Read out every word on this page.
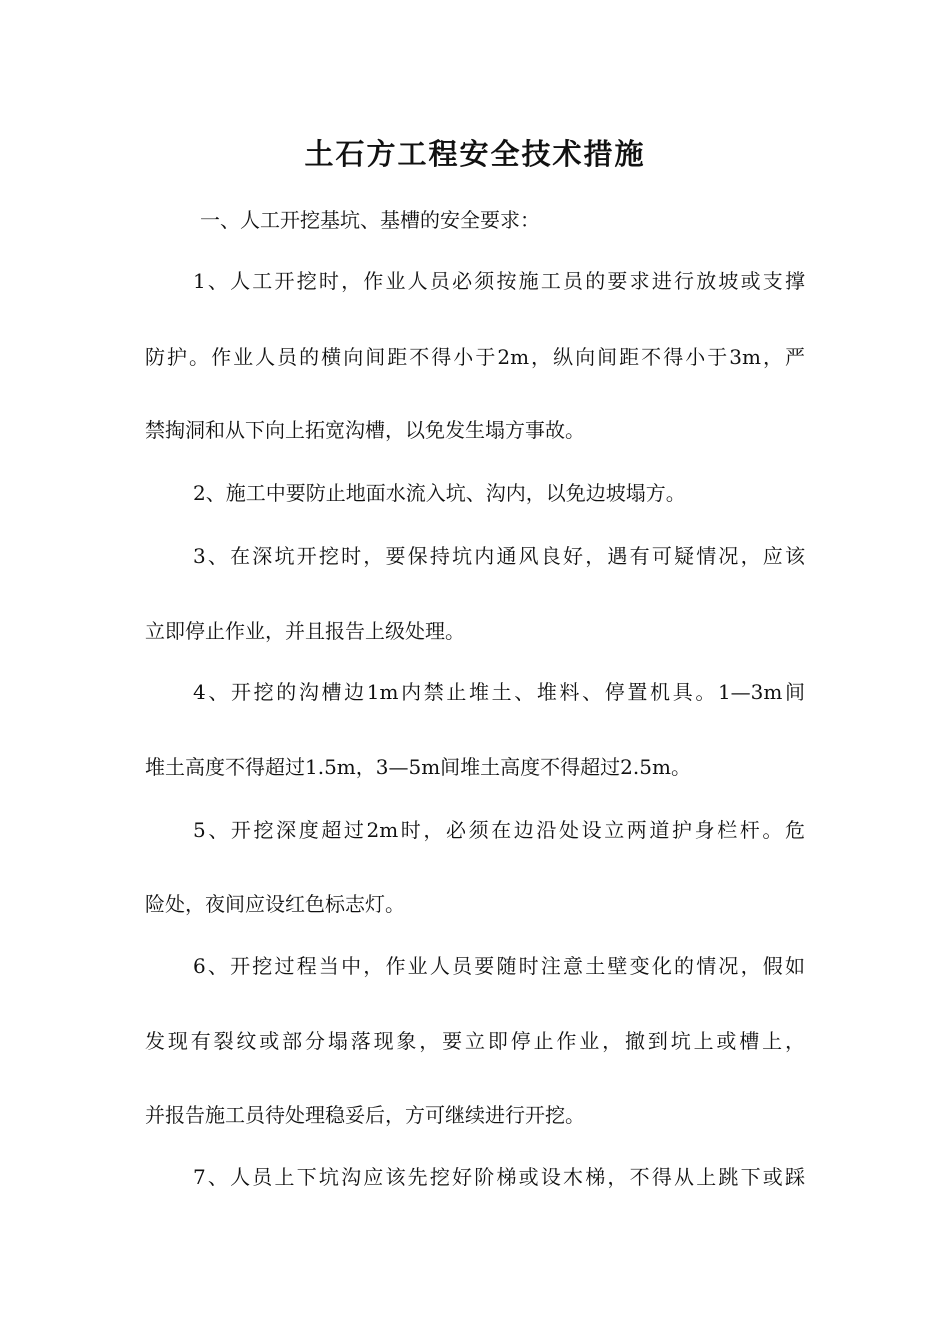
土石方工程安全技术措施
一、人工开挖基坑、基槽的安全要求：
1、人工开挖时，作业人员必须按施工员的要求进行放坡或支撑
防护。作业人员的横向间距不得小于2m，纵向间距不得小于3m，严
禁掏洞和从下向上拓宽沟槽，以免发生塌方事故。
2、施工中要防止地面水流入坑、沟内，以免边坡塌方。
3、在深坑开挖时，要保持坑内通风良好，遇有可疑情况，应该
立即停止作业，并且报告上级处理。
4、开挖的沟槽边1m内禁止堆土、堆料、停置机具。1—3m间
堆土高度不得超过1.5m，3—5m间堆土高度不得超过2.5m。
5、开挖深度超过2m时，必须在边沿处设立两道护身栏杆。危
险处，夜间应设红色标志灯。
6、开挖过程当中，作业人员要随时注意土壁变化的情况，假如
发现有裂纹或部分塌落现象，要立即停止作业，撤到坑上或槽上，
并报告施工员待处理稳妥后，方可继续进行开挖。
7、人员上下坑沟应该先挖好阶梯或设木梯，不得从上跳下或踩
